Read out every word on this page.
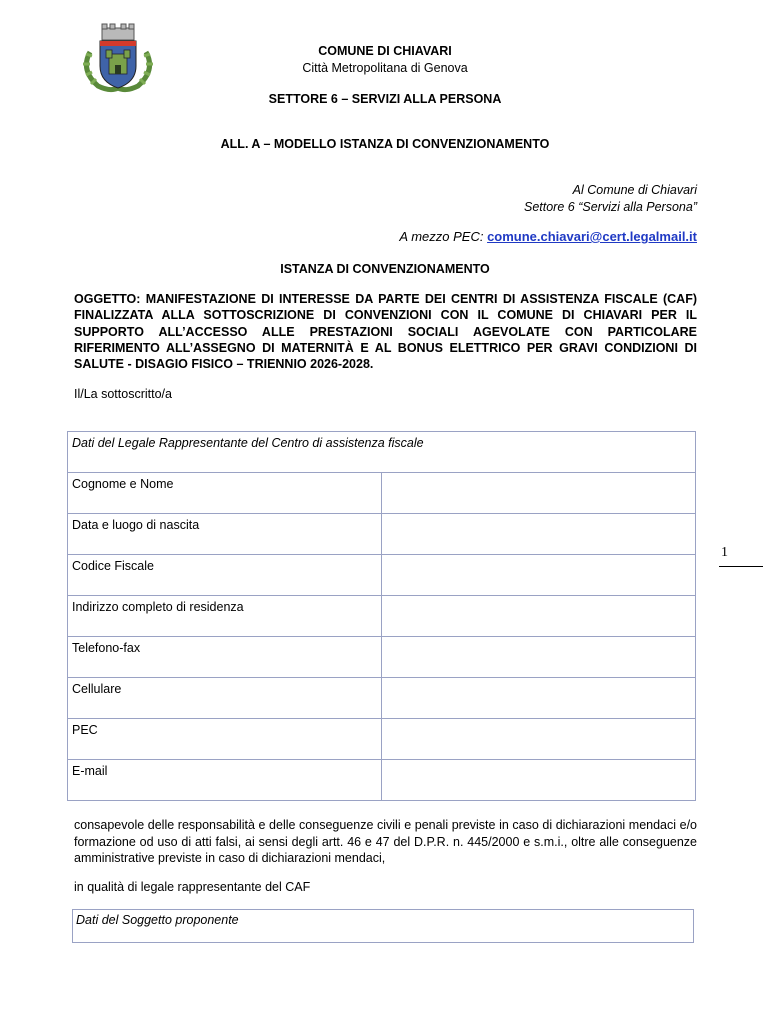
COMUNE DI CHIAVARI
Città Metropolitana di Genova
SETTORE 6 – SERVIZI ALLA PERSONA
ALL. A – MODELLO ISTANZA DI CONVENZIONAMENTO
Al Comune di Chiavari
Settore 6 “Servizi alla Persona”
A mezzo PEC: comune.chiavari@cert.legalmail.it
ISTANZA DI CONVENZIONAMENTO
OGGETTO: MANIFESTAZIONE DI INTERESSE DA PARTE DEI CENTRI DI ASSISTENZA FISCALE (CAF) FINALIZZATA ALLA SOTTOSCRIZIONE DI CONVENZIONI CON IL COMUNE DI CHIAVARI PER IL SUPPORTO ALL’ACCESSO ALLE PRESTAZIONI SOCIALI AGEVOLATE CON PARTICOLARE RIFERIMENTO ALL’ASSEGNO DI MATERNITÀ E AL BONUS ELETTRICO PER GRAVI CONDIZIONI DI SALUTE - DISAGIO FISICO – TRIENNIO 2026-2028.
Il/La sottoscritto/a
Dati del Legale Rappresentante del Centro di assistenza fiscale	
Cognome e Nome	
Data e luogo di nascita	
Codice Fiscale	
Indirizzo completo di residenza	
Telefono-fax	
Cellulare	
PEC	
E-mail	
consapevole delle responsabilità e delle conseguenze civili e penali previste in caso di dichiarazioni mendaci e/o formazione od uso di atti falsi, ai sensi degli artt. 46 e 47 del D.P.R. n. 445/2000 e s.m.i., oltre alle conseguenze amministrative previste in caso di dichiarazioni mendaci,
in qualità di legale rappresentante del CAF
Dati del Soggetto proponente
1
